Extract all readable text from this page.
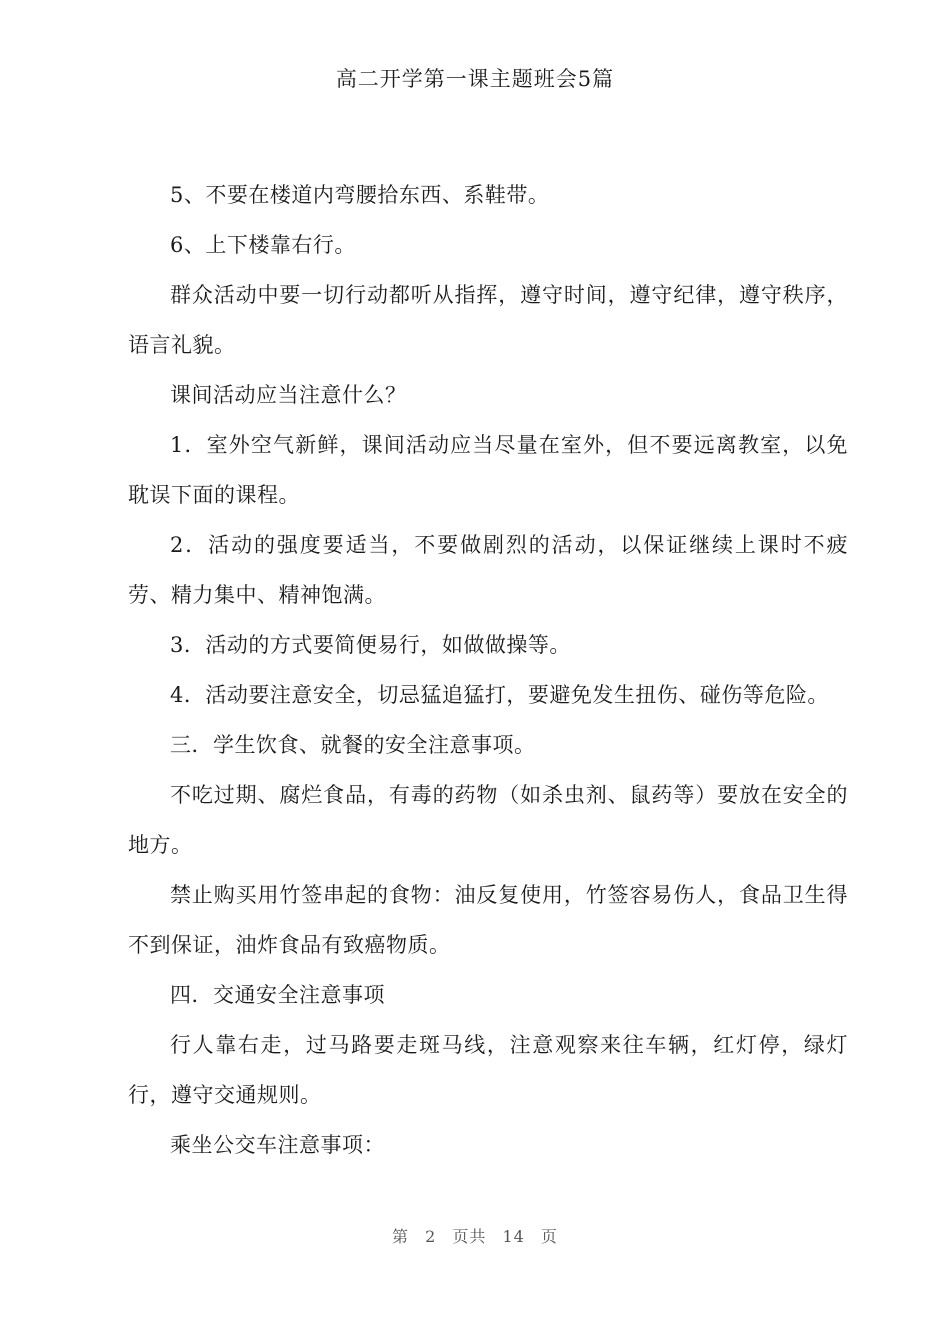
高二开学第一课主题班会5篇

5、不要在楼道内弯腰拾东西、系鞋带。

6、上下楼靠右行。

群众活动中要一切行动都听从指挥，遵守时间，遵守纪律，遵守秩序，语言礼貌。

课间活动应当注意什么？

1．室外空气新鲜，课间活动应当尽量在室外，但不要远离教室，以免耽误下面的课程。

2．活动的强度要适当，不要做剧烈的活动，以保证继续上课时不疲劳、精力集中、精神饱满。

3．活动的方式要简便易行，如做做操等。

4．活动要注意安全，切忌猛追猛打，要避免发生扭伤、碰伤等危险。

三．学生饮食、就餐的安全注意事项。

不吃过期、腐烂食品，有毒的药物（如杀虫剂、鼠药等）要放在安全的地方。

禁止购买用竹签串起的食物：油反复使用，竹签容易伤人，食品卫生得不到保证，油炸食品有致癌物质。

四．交通安全注意事项

行人靠右走，过马路要走斑马线，注意观察来往车辆，红灯停，绿灯行，遵守交通规则。

乘坐公交车注意事项：

第 2 页共 14 页
